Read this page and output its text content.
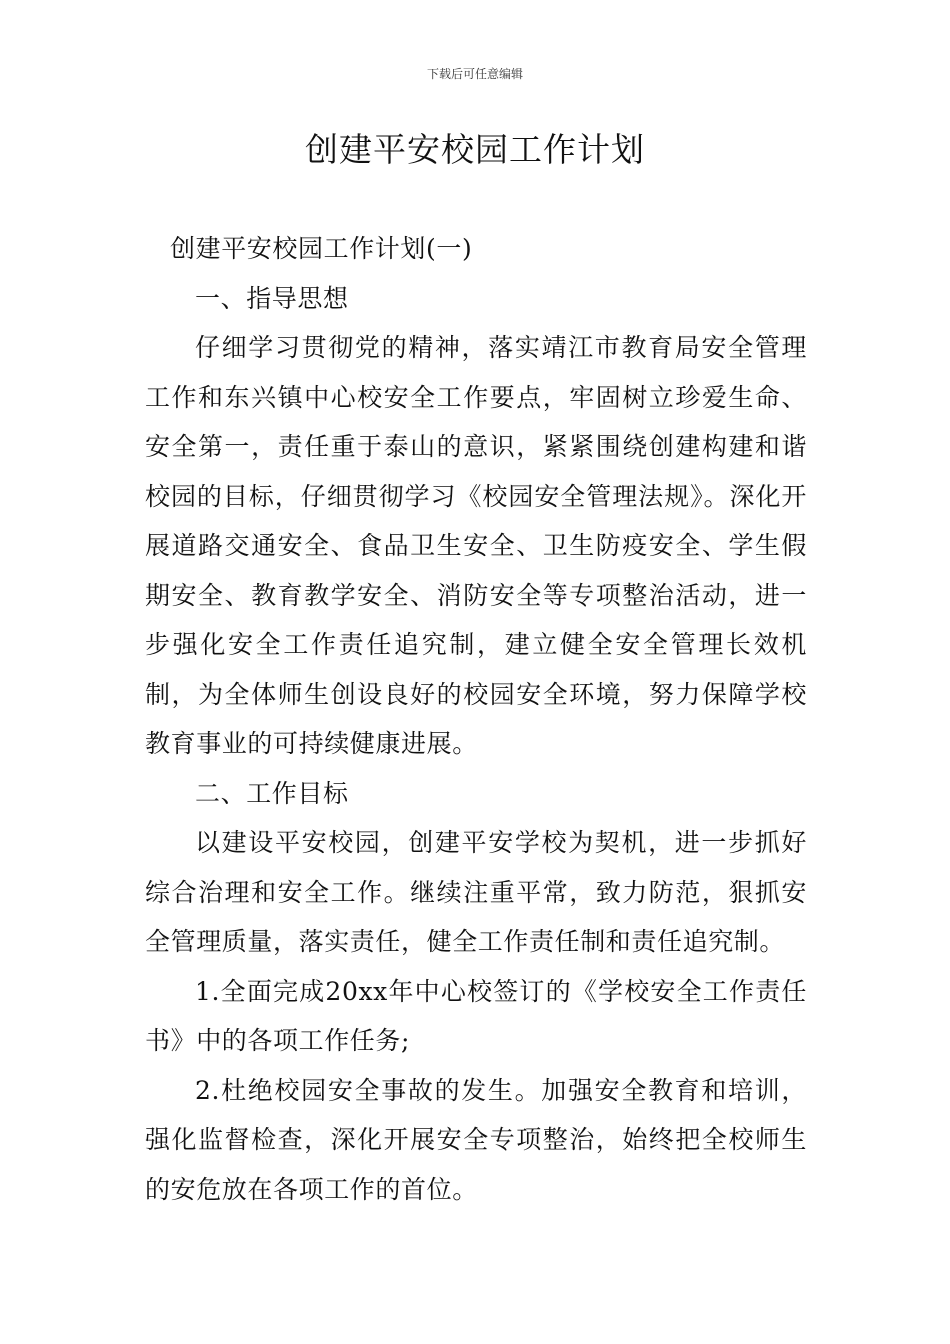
下载后可任意编辑
创建平安校园工作计划

创建平安校园工作计划(一)

一、指导思想

仔细学习贯彻党的精神，落实靖江市教育局安全管理工作和东兴镇中心校安全工作要点，牢固树立珍爱生命、安全第一，责任重于泰山的意识，紧紧围绕创建构建和谐校园的目标，仔细贯彻学习《校园安全管理法规》。深化开展道路交通安全、食品卫生安全、卫生防疫安全、学生假期安全、教育教学安全、消防安全等专项整治活动，进一步强化安全工作责任追究制，建立健全安全管理长效机制，为全体师生创设良好的校园安全环境，努力保障学校教育事业的可持续健康进展。

二、工作目标

以建设平安校园，创建平安学校为契机，进一步抓好综合治理和安全工作。继续注重平常，致力防范，狠抓安全管理质量，落实责任，健全工作责任制和责任追究制。

1.全面完成20xx年中心校签订的《学校安全工作责任书》中的各项工作任务;

2.杜绝校园安全事故的发生。加强安全教育和培训，强化监督检查，深化开展安全专项整治，始终把全校师生的安危放在各项工作的首位。
